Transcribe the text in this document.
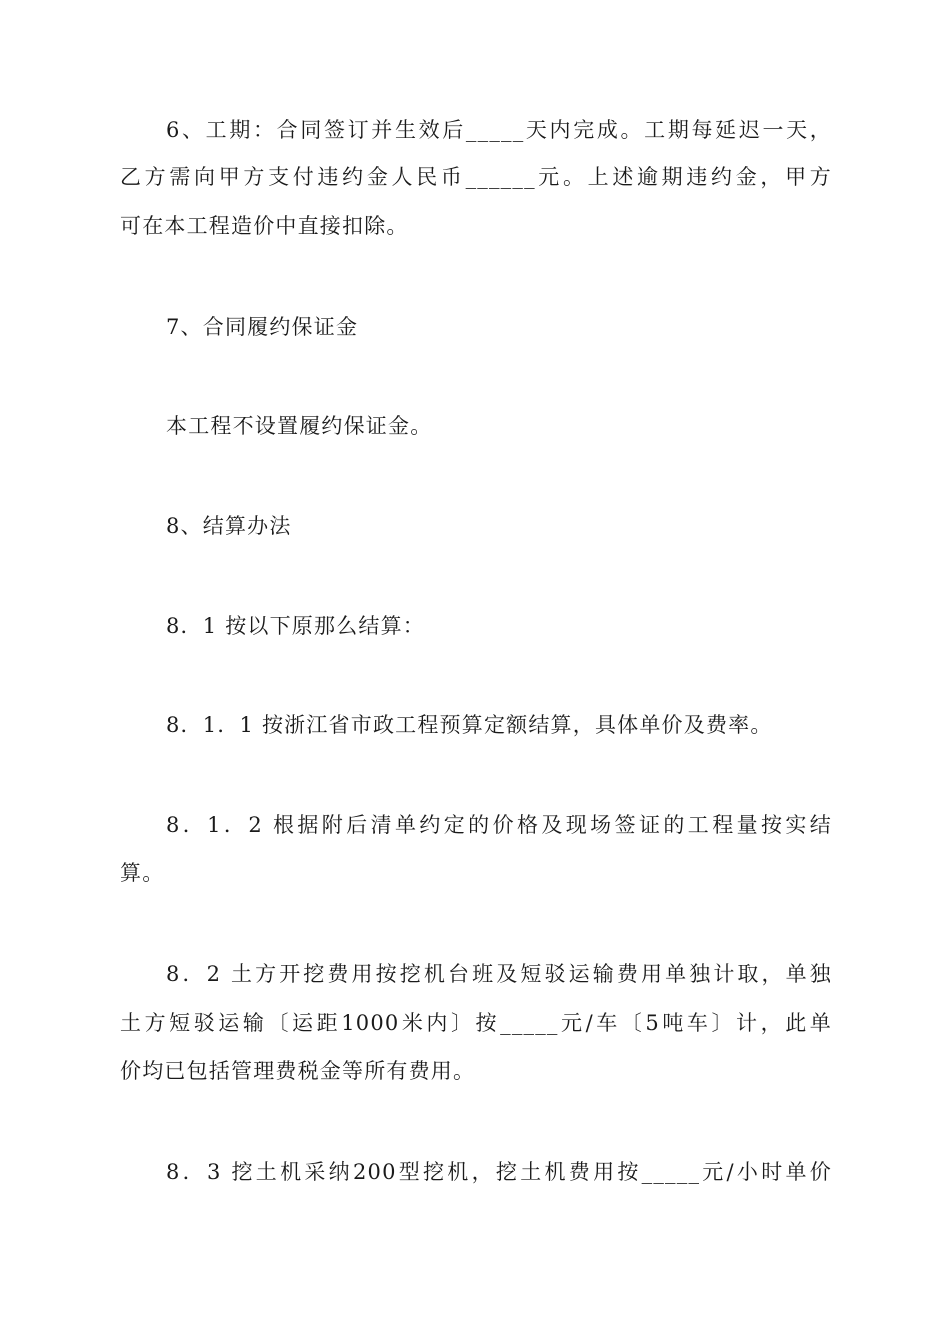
6、工期：合同签订并生效后_____天内完成。工期每延迟一天，
乙方需向甲方支付违约金人民币______元。上述逾期违约金，甲方
可在本工程造价中直接扣除。
7、合同履约保证金
本工程不设置履约保证金。
8、结算办法
8．1 按以下原那么结算：
8．1．1 按浙江省市政工程预算定额结算，具体单价及费率。
8．1．2 根据附后清单约定的价格及现场签证的工程量按实结
算。
8．2 土方开挖费用按挖机台班及短驳运输费用单独计取，单独
土方短驳运输〔运距1000米内〕按_____元/车〔5吨车〕计，此单
价均已包括管理费税金等所有费用。
8．3 挖土机采纳200型挖机，挖土机费用按_____元/小时单价
